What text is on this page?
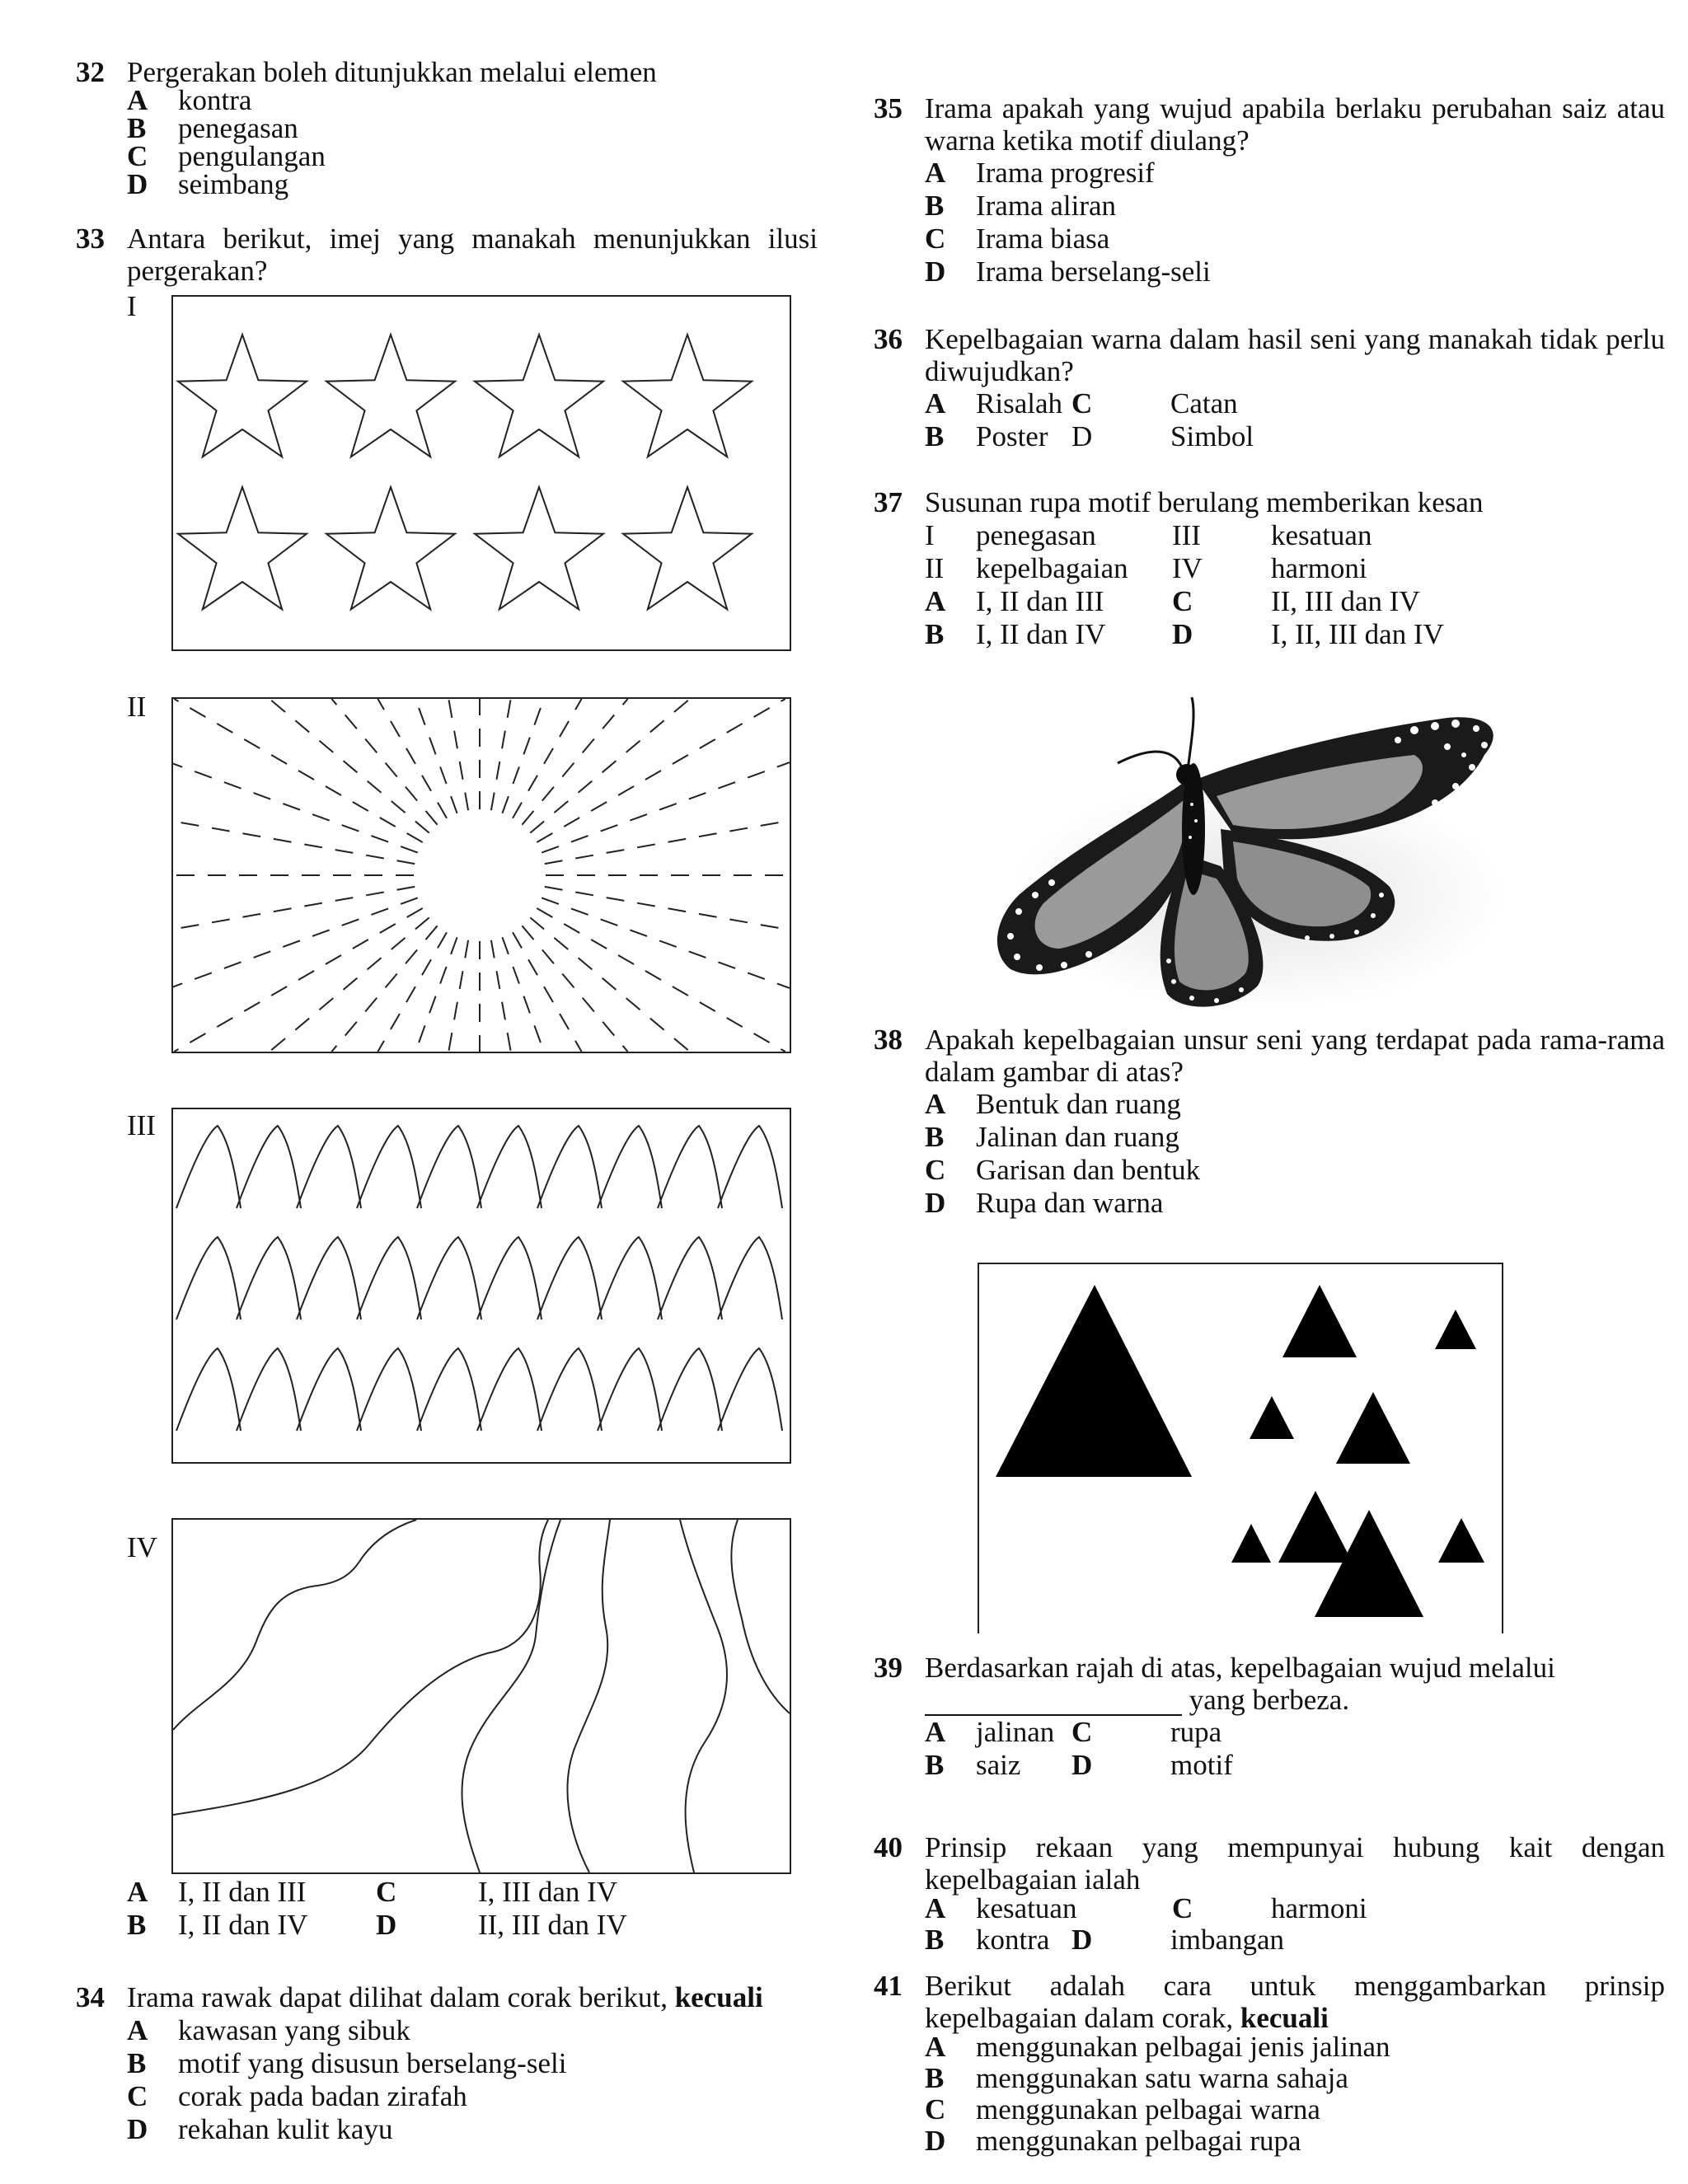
32 Pergerakan boleh ditunjukkan melalui elemen
A kontra
B penegasan
C pengulangan
D seimbang
33 Antara berikut, imej yang manakah menunjukkan ilusi pergerakan?
I
II
III
IV
A I, II dan III C	I, III dan IV
B I, II dan IV D	II, III dan IV
34 Irama rawak dapat dilihat dalam corak berikut, kecuali
A kawasan yang sibuk
B motif yang disusun berselang-seli
C corak pada badan zirafah
D rekahan kulit kayu
35 Irama apakah yang wujud apabila berlaku perubahan saiz atau warna ketika motif diulang?
A Irama progresif
B Irama aliran
C Irama biasa
D Irama berselang-seli
36 Kepelbagaian warna dalam hasil seni yang manakah tidak perlu diwujudkan?
A Risalah C	Catan
B Poster D	Simbol
37 Susunan rupa motif berulang memberikan kesan
I penegasan	III kesatuan
II kepelbagaian IV harmoni
A I, II dan III C	II, III dan IV
B I, II dan IV D	I, II, III dan IV
38 Apakah kepelbagaian unsur seni yang terdapat pada rama-rama dalam gambar di atas?
A Bentuk dan ruang
B Jalinan dan ruang
C Garisan dan bentuk
D Rupa dan warna
39 Berdasarkan rajah di atas, kepelbagaian wujud melalui
yang berbeza.
A jalinan C	rupa
B saiz D	motif
40 Prinsip rekaan yang mempunyai hubung kait dengan kepelbagaian ialah
A kesatuan	C	harmoni
B kontra D	imbangan
41 Berikut adalah cara untuk menggambarkan prinsip kepelbagaian dalam corak, kecuali
A menggunakan pelbagai jenis jalinan
B menggunakan satu warna sahaja
C menggunakan pelbagai warna
D menggunakan pelbagai rupa
